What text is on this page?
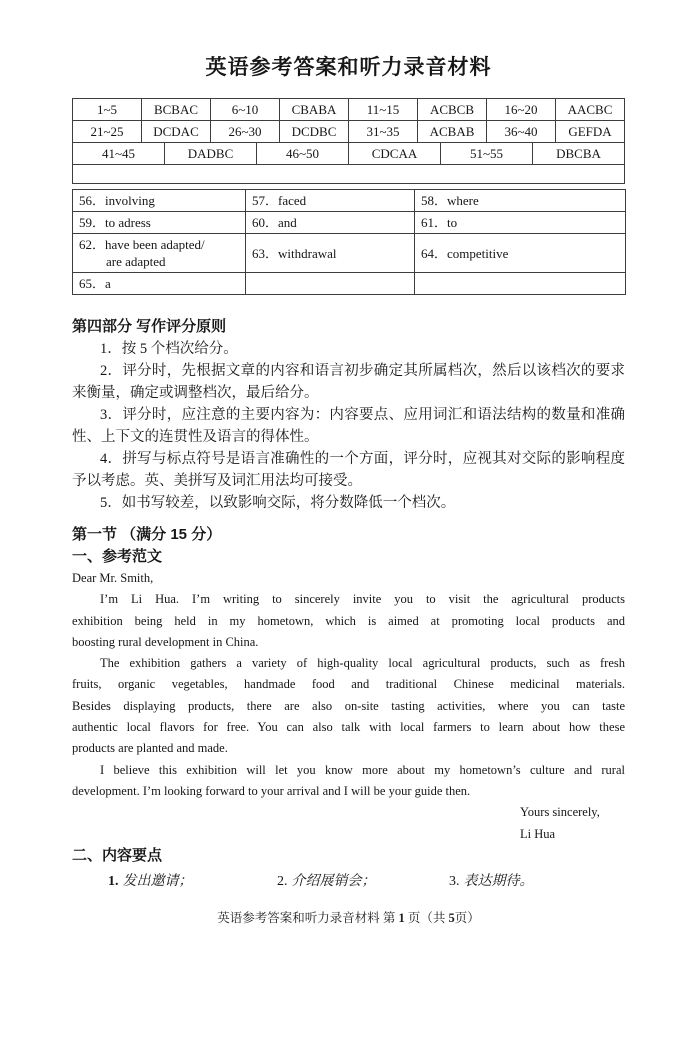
英语参考答案和听力录音材料
1~5	BCBAC	6~10	CBABA	11~15	ACBCB	16~20	AACBC
21~25	DCDAC	26~30	DCDBC	31~35	ACBAB	36~40	GEFDA
41~45	DADBC	46~50	CDCAA	51~55	DBCBA
56．involving	57．faced	58．where

59．to adress	60．and	61．to

62．have been adapted/
are adapted	63．withdrawal	64．competitive

65．a		

第四部分 写作评分原则
1．按 5 个档次给分。
2．评分时，先根据文章的内容和语言初步确定其所属档次，然后以该档次的要求
来衡量，确定或调整档次，最后给分。
3．评分时，应注意的主要内容为：内容要点、应用词汇和语法结构的数量和准确
性、上下文的连贯性及语言的得体性。
4．拼写与标点符号是语言准确性的一个方面，评分时，应视其对交际的影响程度
予以考虑。英、美拼写及词汇用法均可接受。
5．如书写较差，以致影响交际，将分数降低一个档次。
第一节 （满分 15 分）
一、参考范文
Dear Mr. Smith,
I’m Li Hua. I’m writing to sincerely invite you to visit the agricultural products
exhibition being held in my hometown, which is aimed at promoting local products and
boosting rural development in China.
The exhibition gathers a variety of high-quality local agricultural products, such as fresh
fruits, organic vegetables, handmade food and traditional Chinese medicinal materials.
Besides displaying products, there are also on-site tasting activities, where you can taste
authentic local flavors for free. You can also talk with local farmers to learn about how these
products are planted and made.
I believe this exhibition will let you know more about my hometown’s culture and rural
development. I’m looking forward to your arrival and I will be your guide then.
Yours sincerely,
Li Hua
二、内容要点
1. 发出邀请；	2. 介绍展销会；	3. 表达期待。
英语参考答案和听力录音材料 第 1 页（共 5页）
